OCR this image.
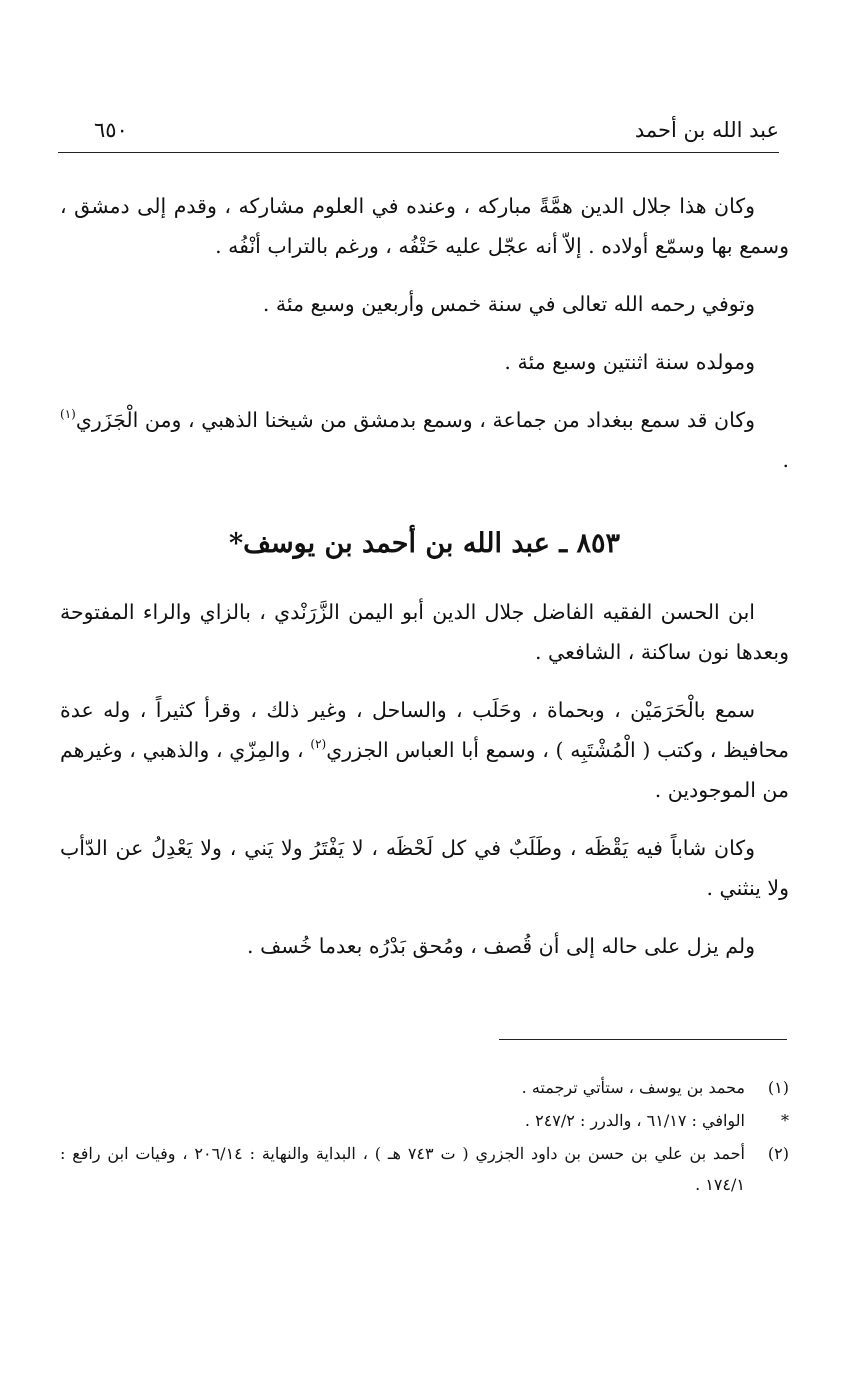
عبد الله بن أحمد
٦٥٠

وكان هذا جلال الدين همَّةً مباركه ، وعنده في العلوم مشاركه ، وقدم إلى دمشق ، وسمع بها وسمّع أولاده . إلاّ أنه عجّل عليه حَتْفُه ، ورغم بالتراب أنْفُه .

وتوفي رحمه الله تعالى في سنة خمس وأربعين وسبع مئة .

ومولده سنة اثنتين وسبع مئة .

وكان قد سمع ببغداد من جماعة ، وسمع بدمشق من شيخنا الذهبي ، ومن الْجَزَري$^{(١)}$ .

٨٥٣ ـ عبد الله بن أحمد بن يوسف*

ابن الحسن الفقيه الفاضل جلال الدين أبو اليمن الزَّرَنْدي ، بالزاي والراء المفتوحة وبعدها نون ساكنة ، الشافعي .

سمع بالْحَرَمَيْن ، وبحماة ، وحَلَب ، والساحل ، وغير ذلك ، وقرأ كثيراً ، وله عدة محافيظ ، وكتب ( الْمُشْتَبِه ) ، وسمع أبا العباس الجزري$^{(٢)}$ ، والمِزّي ، والذهبي ، وغيرهم من الموجودين .

وكان شاباً فيه يَقْظَه ، وطَلَبٌ في كل لَحْظَه ، لا يَفْتَرُ ولا يَني ، ولا يَعْدِلُ عن الدّأب ولا ينثني .

ولم يزل على حاله إلى أن قُصف ، ومُحق بَدْرُه بعدما خُسف .

(١)
محمد بن يوسف ، ستأتي ترجمته .
*
الوافي : ٦١/١٧ ، والدرر : ٢٤٧/٢ .
(٢)
أحمد بن علي بن حسن بن داود الجزري ( ت ٧٤٣ هـ ) ، البداية والنهاية : ٢٠٦/١٤ ، وفيات ابن رافع : ١٧٤/١ .
